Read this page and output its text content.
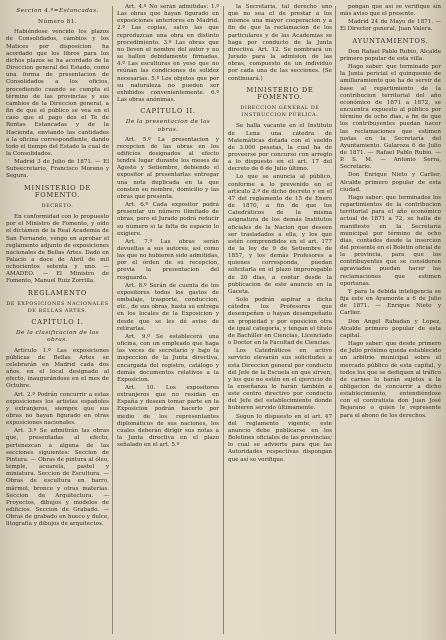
Seccion 4.ª=Estancadas.

Número 81.

Habiéndose vencido los plazos de Consolidados, cambios y los Matices por disposicion ha acordado que los libros para los dichos plazos se ha acordado de la Direccion general del Estado, como una forma de presentacion de Consolidados a los oficios, procediendo cuando se cumpla el término de las provincias y sus cambios de la Direccion general, a fin de que el público se vea en el caso que el pago dos el Te de Rentas Estancadas y de la Hacienda, enviando las cantidades a la oficina correspondiente, dando todo el tiempo del Estado la cual de la Consolidados.

Madrid 3 de Julio de 1871. — El Subsecretario, Francisco Moreno y Segura.

MINISTERIO DE FOMENTO.

DECRETO.

En conformidad con lo propuesto por el Ministro de Fomento, y oido el dictámen de la Real Academia de San Fernando, vengo en aprobar el reglamento adjunto de exposiciones nacionales de Bellas Artes. Dado en Palacio a doce de Abril de mil ochocientos setenta y uno. — AMADEO. — El Ministro de Fomento, Manuel Ruiz Zorrilla.

REGLAMENTO

DE EXPOSICIONES NACIONALES DE BELLAS ARTES.

CAPÍTULO I.

De la clasificacion de las obras.

Artículo 1.º Las exposiciones públicas de Bellas Artes se celebrarán en Madrid cada dos años, en el local designado al efecto, inaugurándose en el mes de Octubre.

Art. 2.º Podrán concurrir a estas exposiciones los artistas españoles y extranjeros, siempre que sus obras no hayan figurado en otras exposiciones nacionales.

Art. 3.º Se admitirán las obras que, presentadas al efecto, pertenezcan a alguna de las secciones siguientes: Seccion de Pintura. — Obras de pintura al óleo, temple, acuarela, pastel y miniatura. Seccion de Escultura. — Obras de escultura en barro, mármol, bronce y otras materias. Seccion de Arquitectura. — Proyectos, dibujos y modelos de edificios. Seccion de Grabado. — Obras de grabado en hueco y dulce, litografía y dibujos de arquitectos.

Art. 4.º No serán admitidas: 1.º Las obras que hayan figurado en exposiciones anteriores en Madrid. 2.º Las copias, salvo las que reproduzcan una obra en distinto procedimiento. 3.º Las obras que no lleven el nombre del autor y no se hallen debidamente firmadas. 4.º Las esculturas en yeso que no reúnan las condiciones de solidez necesarias. 5.º Los objetos que por su naturaleza no pueden ser exhibidos convenientemente. 6.º Las obras anónimas.

CAPÍTULO II.

De la presentacion de las obras.

Art. 5.º La presentacion y recepcion de las obras en los edificios designados al efecto tendrá lugar durante los meses de Agosto y Setiembre, debiendo el expositor al presentarlas entregar una nota duplicada en la que consten su nombre, domicilio y las obras que presenta.

Art. 6.º Cada expositor podrá presentar un número ilimitado de obras, pero el Jurado podrá reducir su número si la falta de espacio lo exigiere.

Art. 7.º Las obras serán devueltas a sus autores, así como las que no hubieren sido admitidas, por el órden de su recepcion, previa la presentacion del resguardo.

Art. 8.º Serán de cuenta de los expositores todos los gastos de embalaje, trasporte, conduccion, etc., de sus obras, hasta su entrega en los locales de la Exposicion y desde que se les dé aviso de retirarlas.

Art. 9.º Se establecerá una oficina, con un empleado que haga las veces de secretario y bajo la inspeccion de la Junta directiva, encargada del registro, catálogo y demás documentos relativos a la Exposicion.

Art. 10. Los expositores extranjeros que no residan en España y deseen tomar parte en la Exposicion podrán hacerlo por medio de los representantes diplomáticos de sus naciones, los cuales deberán dirigir sus notas a la Junta directiva en el plazo señalado en el art. 5.º

la Secretaría, tal derecho uno que no sea el de prestar a los mismos una mayor cooperacion y a fin de que la reclamacion de los particulares y de las Academias se haga por conducto de la Junta directiva. Art. 12. Se nombrará un Jurado para la admision de las obras, compuesto de un individuo por cada una de las secciones. (Se continuará.)

MINISTERIO DE FOMENTO.

DIRECCION GENERAL DE INSTRUCCION PÚBLICA.

Se halla vacante en el Instituto de Lena una cátedra de Matemáticas dotada con el sueldo de 3.000 pesetas, la cual ha de proveerse por concurso con arreglo a lo dispuesto en el art. 17 del decreto de 6 de Julio último.

Lo que se anuncia al público, conforme a lo prevenido en el artículo 2.º de dicho decreto y en el 47 del reglamento de 15 de Enero de 1870, a fin de que los Catedráticos de la misma asignatura de los demás Institutos oficiales de la Nacion que deseen ser trasladados a ella, y los que estén comprendidos en el art. 177 de la ley de 9 de Setiembre de 1857, y los demás Profesores a quienes corresponda, puedan solicitarla en el plazo improrogable de 20 dias, a contar desde la publicacion de este anuncio en la Gaceta.

Solo podrán aspirar a dicha cátedra los Profesores que desempeñen o hayan desempeñado en propiedad y por oposicion otra de igual categoría, y tengan el título de Bachiller en Ciencias, Licenciado o Doctor en la Facultad de Ciencias.

Los Catedráticos en activo servicio elevarán sus solicitudes a esta Direccion general por conducto del Jefe de la Escuela en que sirven, y los que no estén en el ejercicio de la enseñanza lo harán también a este centro directivo por conducto del Jefe del establecimiento donde hubieren servido últimamente.

Segun lo dispuesto en el art. 47 del reglamento vigente, este anuncio debe publicarse en los Boletines oficiales de las provincias; lo cual se advierte para que las Autoridades respectivas dispongan que así se verifique.

pongan que así se verifique sin más aviso que el presente.

Madrid 24 de Mayo de 1871. — El Director general, Juan Valera.

AYUNTAMIENTOS.

Don Rafael Pablo Rubio, Alcalde primero popular de esta villa.

Hago saber: que terminado por la Junta pericial el quinquenio de amillaramiento que ha de servir de base al repartimiento de la contribucion territorial del año económico de 1871 a 1872, se encuentra expuesto al público por término de ocho dias, a fin de que los contribuyentes puedan hacer las reclamaciones que estimen justas en la Secretaría del Ayuntamiento. Galaroza 6 de Julio de 1871. — Rafael Pablo Rubio. — P. S. M. — Antonio Serra, Secretario.

Don Enrique Nieto y Carlier, Alcalde primero popular de esta ciudad.

Hago saber: que terminados los repartimientos de la contribucion territorial para el año económico actual de 1871 a 72, se halla de manifiesto en la Secretaría municipal por término de ocho dias, contados desde la insercion del presente en el Boletin oficial de la provincia, para que los contribuyentes que se consideren agraviados puedan hacer las reclamaciones que estimen oportunas.

Y para la debida inteligencia se fija este en Ayamonte a 6 de Julio de 1871. — Enrique Nieto y Carlier.

Don Angel Rabadan y Lopez, Alcalde primero popular de esta capital.

Hago saber: que desde primero de Julio próximo queda establecido un arbitrio municipal sobre el mercado público de esta capital, y todos los que se dediquen al tráfico de carnes lo harán sujetos a la obligacion de concurrir a dicho establecimiento, entendiéndose con el contratista don Juan José Bejarano o quien le represente para el abono de los derechos.
